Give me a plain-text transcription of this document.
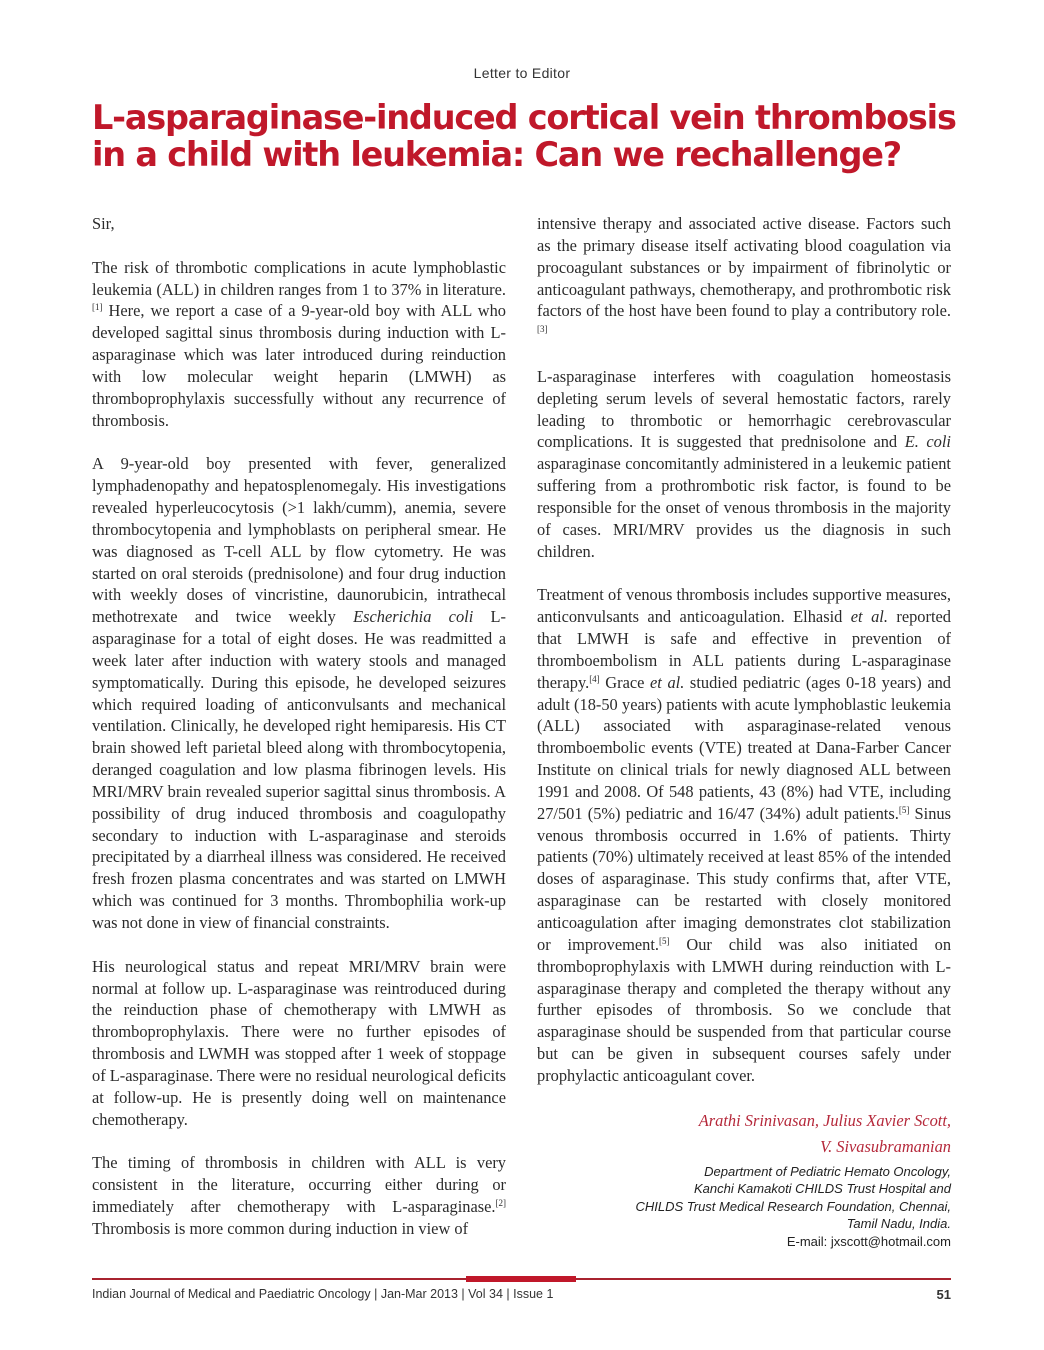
Letter to Editor
L-asparaginase-induced cortical vein thrombosis in a child with leukemia: Can we rechallenge?

Sir,

The risk of thrombotic complications in acute lymphoblastic leukemia (ALL) in children ranges from 1 to 37% in literature.[1] Here, we report a case of a 9-year-old boy with ALL who developed sagittal sinus thrombosis during induction with L-asparaginase which was later introduced during reinduction with low molecular weight heparin (LMWH) as thromboprophylaxis successfully without any recurrence of thrombosis.

A 9-year-old boy presented with fever, generalized lymphadenopathy and hepatosplenomegaly. His investigations revealed hyperleucocytosis (>1 lakh/cumm), anemia, severe thrombocytopenia and lymphoblasts on peripheral smear. He was diagnosed as T-cell ALL by flow cytometry. He was started on oral steroids (prednisolone) and four drug induction with weekly doses of vincristine, daunorubicin, intrathecal methotrexate and twice weekly Escherichia coli L-asparaginase for a total of eight doses. He was readmitted a week later after induction with watery stools and managed symptomatically. During this episode, he developed seizures which required loading of anticonvulsants and mechanical ventilation. Clinically, he developed right hemiparesis. His CT brain showed left parietal bleed along with thrombocytopenia, deranged coagulation and low plasma fibrinogen levels. His MRI/MRV brain revealed superior sagittal sinus thrombosis. A possibility of drug induced thrombosis and coagulopathy secondary to induction with L-asparaginase and steroids precipitated by a diarrheal illness was considered. He received fresh frozen plasma concentrates and was started on LMWH which was continued for 3 months. Thrombophilia work-up was not done in view of financial constraints.

His neurological status and repeat MRI/MRV brain were normal at follow up. L-asparaginase was reintroduced during the reinduction phase of chemotherapy with LMWH as thromboprophylaxis. There were no further episodes of thrombosis and LWMH was stopped after 1 week of stoppage of L-asparaginase. There were no residual neurological deficits at follow-up. He is presently doing well on maintenance chemotherapy.

The timing of thrombosis in children with ALL is very consistent in the literature, occurring either during or immediately after chemotherapy with L-asparaginase.[2] Thrombosis is more common during induction in view of

intensive therapy and associated active disease. Factors such as the primary disease itself activating blood coagulation via procoagulant substances or by impairment of fibrinolytic or anticoagulant pathways, chemotherapy, and prothrombotic risk factors of the host have been found to play a contributory role.[3]

L-asparaginase interferes with coagulation homeostasis depleting serum levels of several hemostatic factors, rarely leading to thrombotic or hemorrhagic cerebrovascular complications. It is suggested that prednisolone and E. coli asparaginase concomitantly administered in a leukemic patient suffering from a prothrombotic risk factor, is found to be responsible for the onset of venous thrombosis in the majority of cases. MRI/MRV provides us the diagnosis in such children.

Treatment of venous thrombosis includes supportive measures, anticonvulsants and anticoagulation. Elhasid et al. reported that LMWH is safe and effective in prevention of thromboembolism in ALL patients during L-asparaginase therapy.[4] Grace et al. studied pediatric (ages 0-18 years) and adult (18-50 years) patients with acute lymphoblastic leukemia (ALL) associated with asparaginase-related venous thromboembolic events (VTE) treated at Dana-Farber Cancer Institute on clinical trials for newly diagnosed ALL between 1991 and 2008. Of 548 patients, 43 (8%) had VTE, including 27/501 (5%) pediatric and 16/47 (34%) adult patients.[5] Sinus venous thrombosis occurred in 1.6% of patients. Thirty patients (70%) ultimately received at least 85% of the intended doses of asparaginase. This study confirms that, after VTE, asparaginase can be restarted with closely monitored anticoagulation after imaging demonstrates clot stabilization or improvement.[5] Our child was also initiated on thromboprophylaxis with LMWH during reinduction with L-asparaginase therapy and completed the therapy without any further episodes of thrombosis. So we conclude that asparaginase should be suspended from that particular course but can be given in subsequent courses safely under prophylactic anticoagulant cover.

Arathi Srinivasan, Julius Xavier Scott,
V. Sivasubramanian
Department of Pediatric Hemato Oncology,
Kanchi Kamakoti CHILDS Trust Hospital and
CHILDS Trust Medical Research Foundation, Chennai,
Tamil Nadu, India.
E-mail: jxscott@hotmail.com
Indian Journal of Medical and Paediatric Oncology | Jan-Mar 2013 | Vol 34 | Issue 1	51
